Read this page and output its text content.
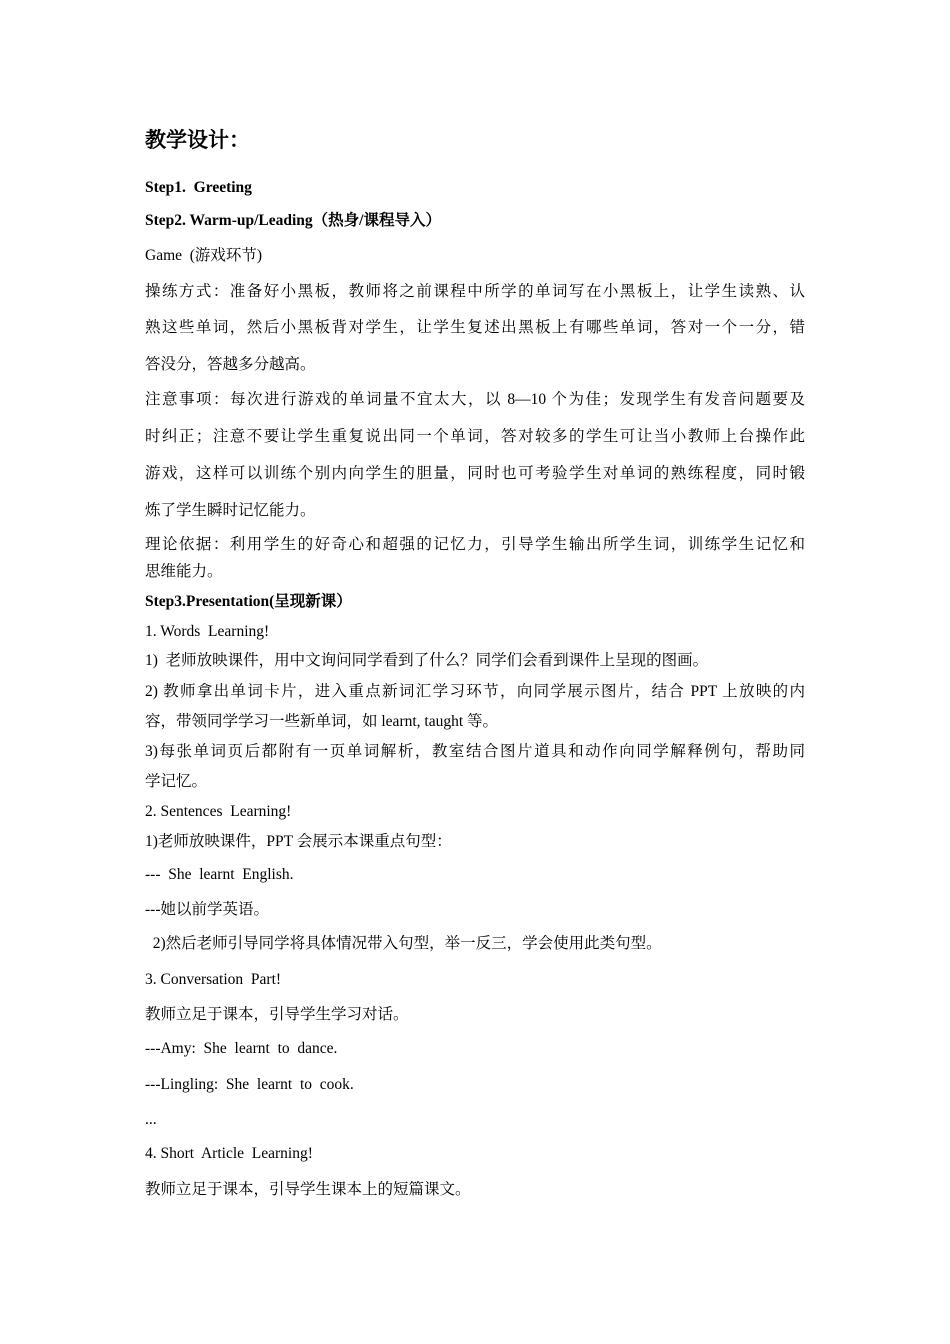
教学设计：
Step1.  Greeting
Step2. Warm-up/Leading（热身/课程导入）
Game  (游戏环节)
操练方式：准备好小黑板，教师将之前课程中所学的单词写在小黑板上，让学生读熟、认
熟这些单词，然后小黑板背对学生，让学生复述出黑板上有哪些单词，答对一个一分，错
答没分，答越多分越高。
注意事项：每次进行游戏的单词量不宜太大，以 8—10 个为佳；发现学生有发音问题要及
时纠正；注意不要让学生重复说出同一个单词，答对较多的学生可让当小教师上台操作此
游戏，这样可以训练个别内向学生的胆量，同时也可考验学生对单词的熟练程度，同时锻
炼了学生瞬时记忆能力。
理论依据：利用学生的好奇心和超强的记忆力，引导学生输出所学生词，训练学生记忆和
思维能力。
Step3.Presentation(呈现新课）
1. Words  Learning!
1)  老师放映课件，用中文询问同学看到了什么？同学们会看到课件上呈现的图画。
2) 教师拿出单词卡片，进入重点新词汇学习环节，向同学展示图片，结合 PPT 上放映的内
容，带领同学学习一些新单词，如 learnt, taught 等。
3)每张单词页后都附有一页单词解析，教室结合图片道具和动作向同学解释例句，帮助同
学记忆。
2. Sentences  Learning!
1)老师放映课件，PPT 会展示本课重点句型：
---  She  learnt  English.
---她以前学英语。
2)然后老师引导同学将具体情况带入句型，举一反三，学会使用此类句型。
3. Conversation  Part!
教师立足于课本，引导学生学习对话。
---Amy:  She  learnt  to  dance.
---Lingling:  She  learnt  to  cook.
...
4. Short  Article  Learning!
教师立足于课本，引导学生课本上的短篇课文。
